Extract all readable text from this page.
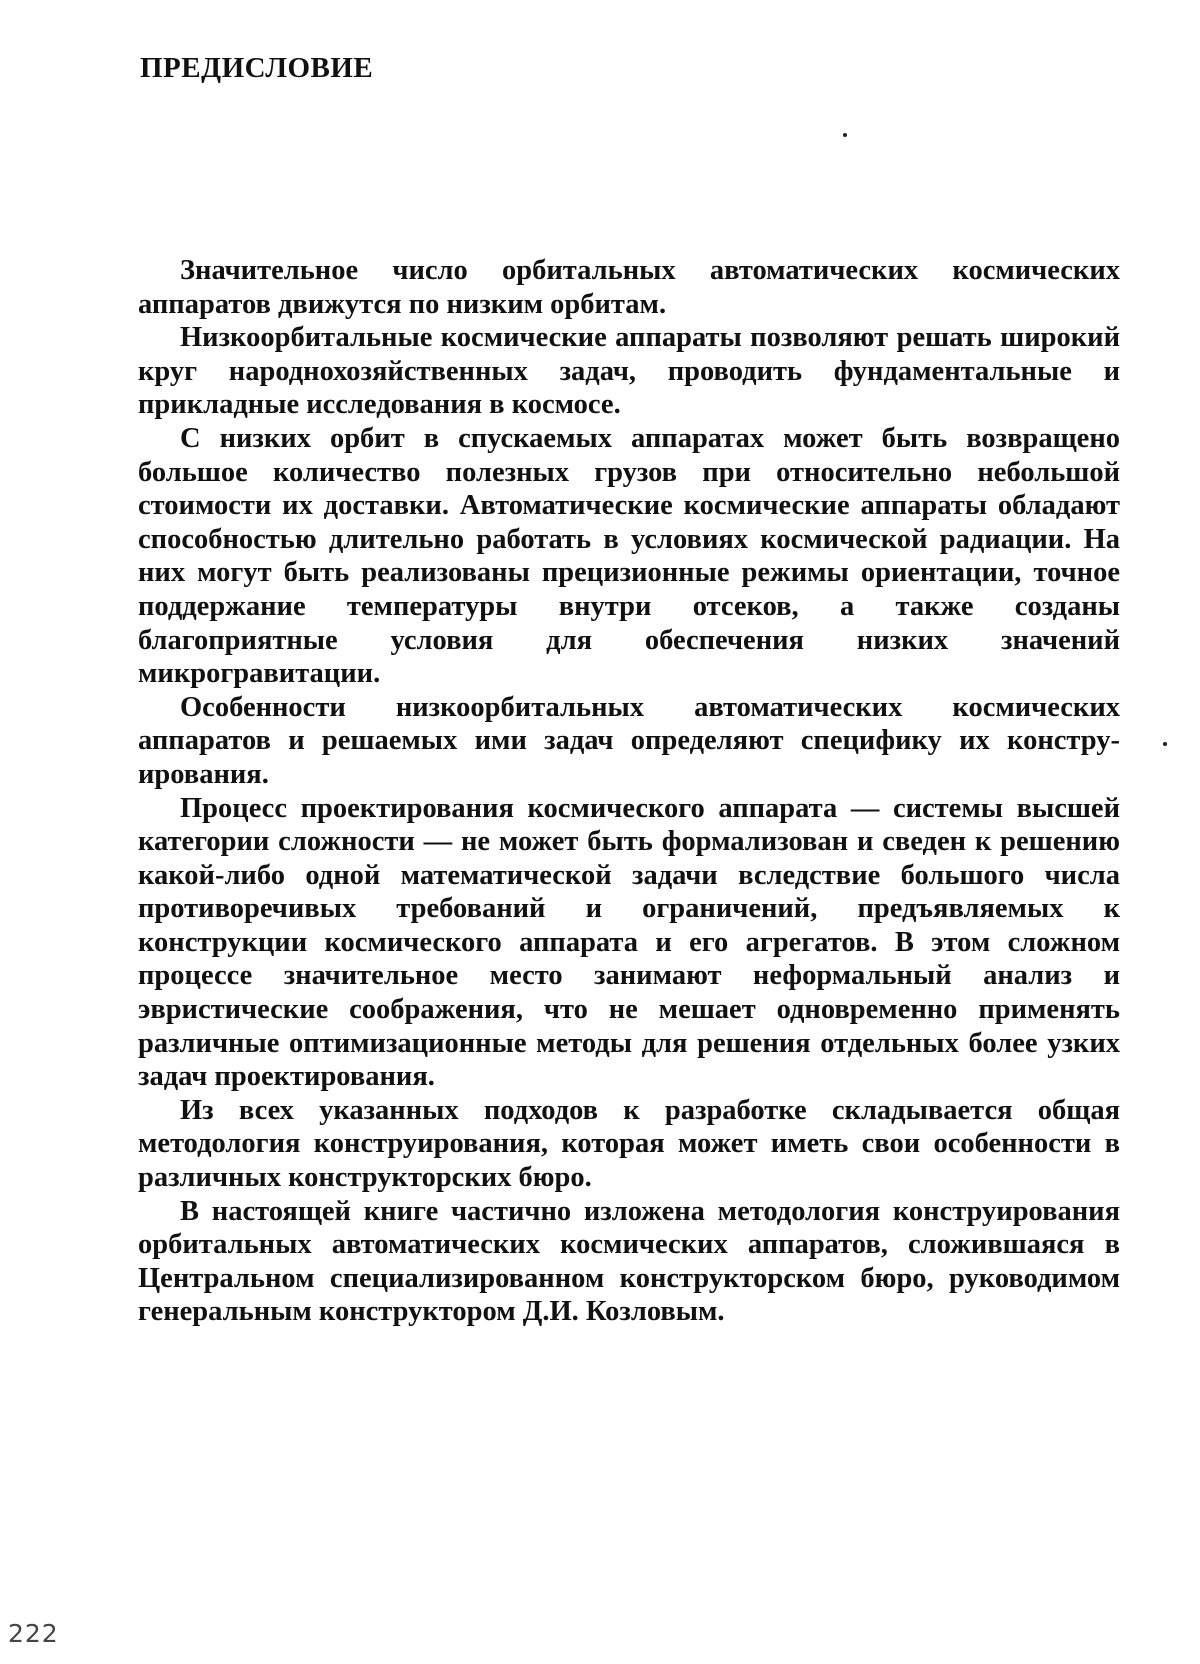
ПРЕДИСЛОВИЕ

Значительное число орбитальных автоматических космических аппаратов движутся по низким орбитам.

Низкоорбитальные космические аппараты позволяют решать широкий круг народнохозяйственных задач, проводить фундаментальные и прикладные исследования в космосе.

С низких орбит в спускаемых аппаратах может быть возвращено большое количество полезных грузов при относительно небольшой стоимости их доставки. Автоматические космические аппараты обладают способностью длительно работать в условиях космической радиации. На них могут быть реализованы прецизионные режимы ориентации, точное поддержание температуры внутри отсеков, а также созданы благоприятные условия для обеспечения низких значений микрогравитации.

Особенности низкоорбитальных автоматических космических аппаратов и решаемых ими задач определяют специфику их конструирования.

Процесс проектирования космического аппарата — системы высшей категории сложности — не может быть формализован и сведен к решению какой-либо одной математической задачи вследствие большого числа противоречивых требований и ограничений, предъявляемых к конструкции космического аппарата и его агрегатов. В этом сложном процессе значительное место занимают неформальный анализ и эвристические соображения, что не мешает одновременно применять различные оптимизационные методы для решения отдельных более узких задач проектирования.

Из всех указанных подходов к разработке складывается общая методология конструирования, которая может иметь свои особенности в различных конструкторских бюро.

В настоящей книге частично изложена методология конструирования орбитальных автоматических космических аппаратов, сложившаяся в Центральном специализированном конструкторском бюро, руководимом генеральным конструктором Д.И. Козловым.

222
